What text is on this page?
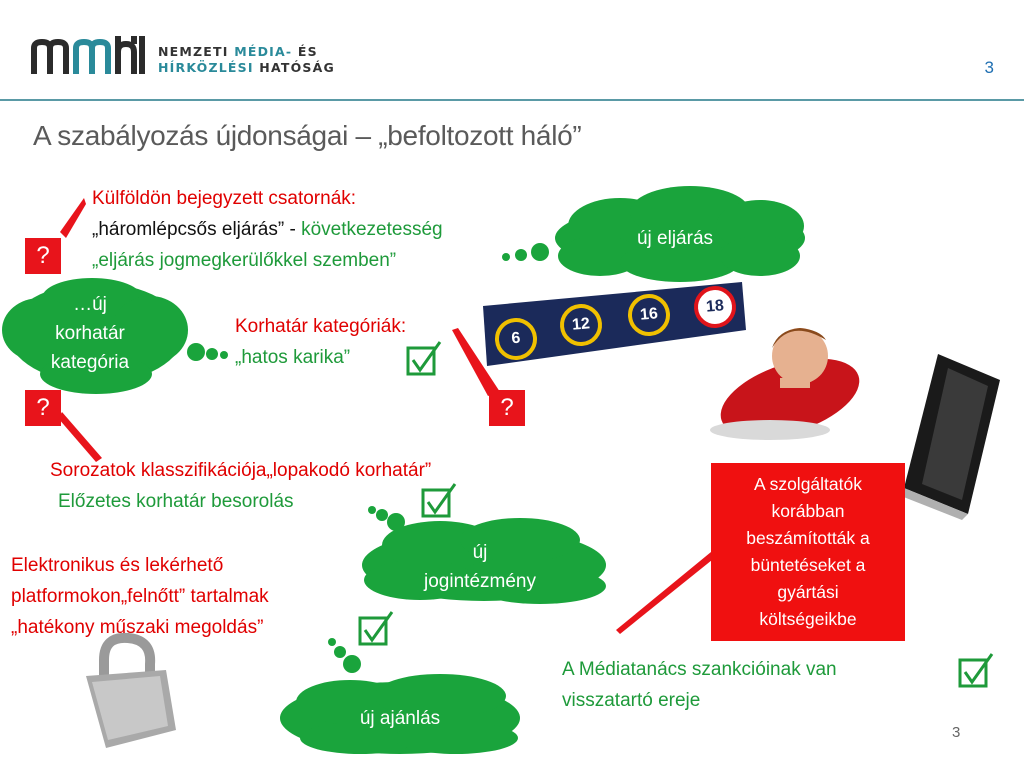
NEMZETI MÉDIA- ÉS
HÍRKÖZLÉSI HATÓSÁG	3
A szabályozás újdonságai – „befoltozott háló”
6
12
16	18
?
?	?
Külföldön bejegyzett csatornák:
„háromlépcsős eljárás” - következetesség
„eljárás jogmegkerülőkkel szemben”
Korhatár kategóriák:
„hatos karika”
Sorozatok klasszifikációja„lopakodó korhatár”
Előzetes korhatár besorolás
Elektronikus és lekérhető
platformokon„felnőtt” tartalmak
„hatékony műszaki megoldás”
A Médiatanács szankcióinak van
visszatartó ereje
új eljárás
…új
korhatár
kategória
új
jogintézmény
új ajánlás
A szolgáltatók
korábban
beszámították a
büntetéseket a
gyártási
költségeikbe
3
